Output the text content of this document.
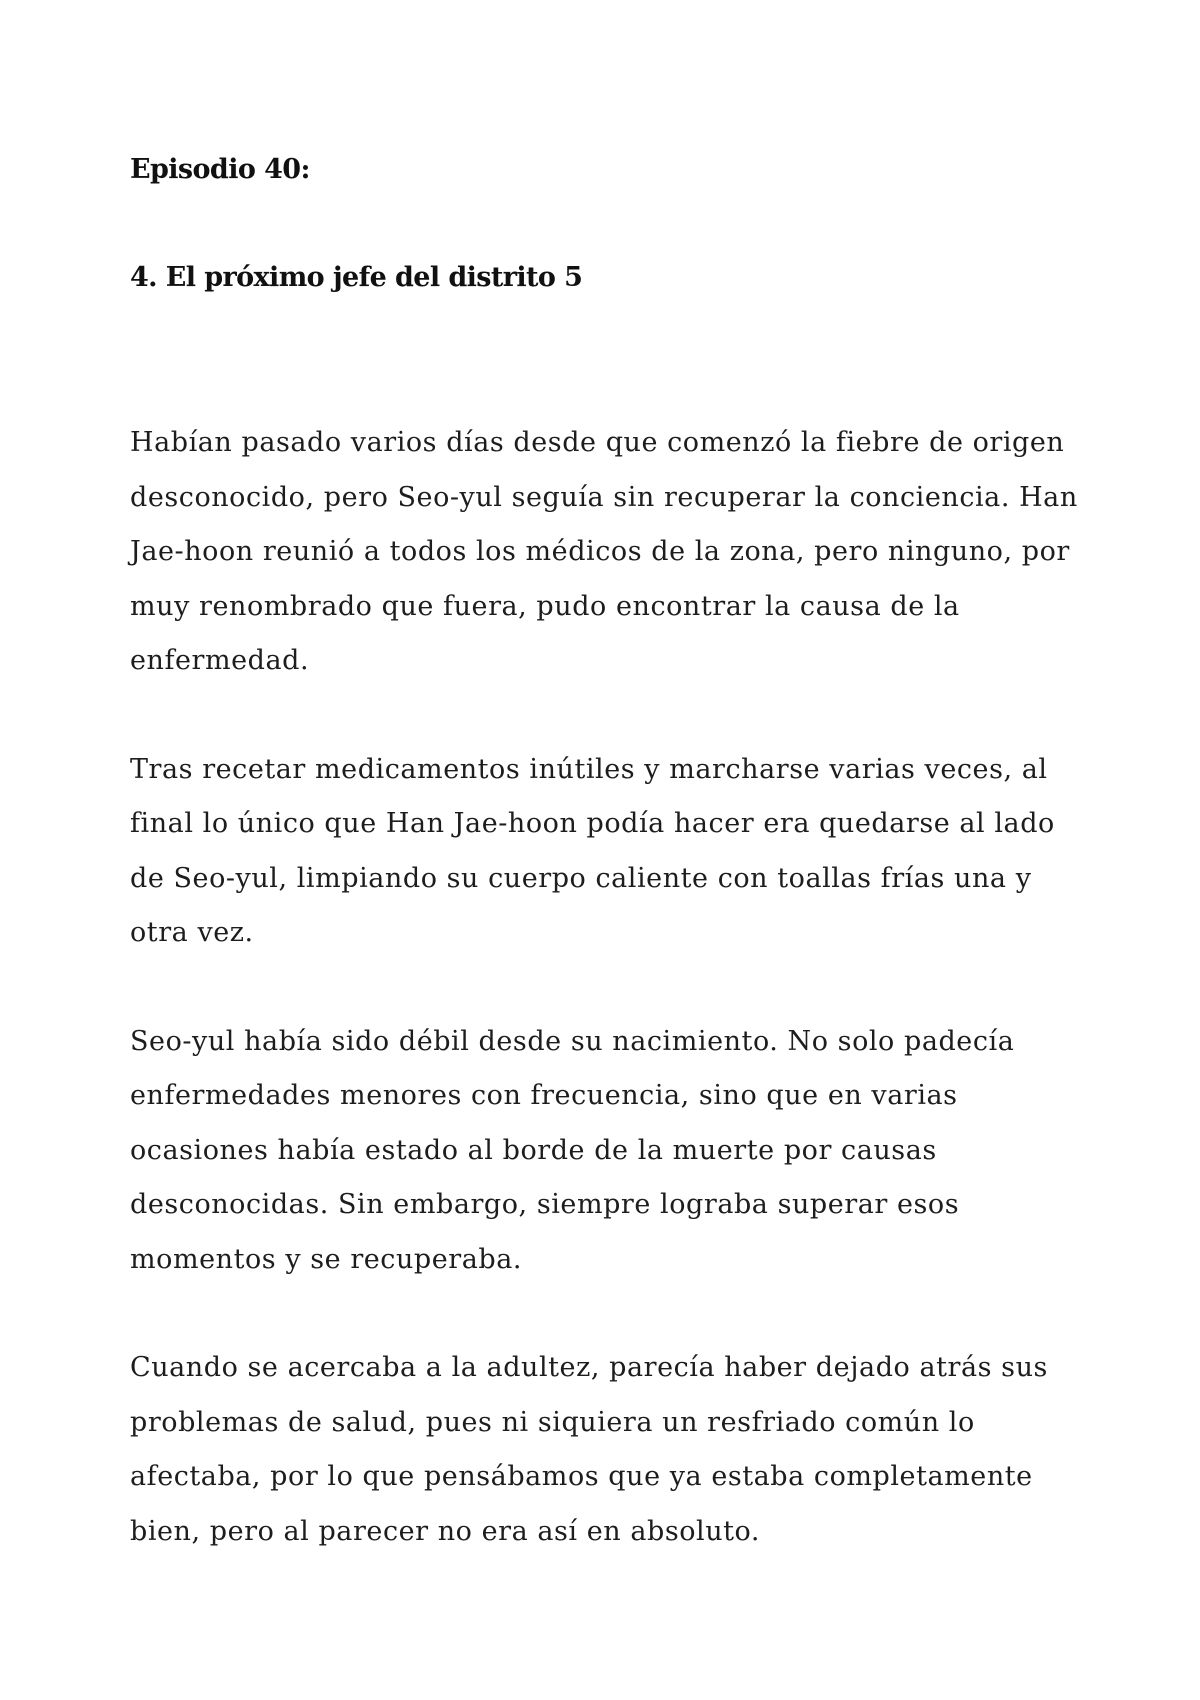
Episodio 40:
4. El próximo jefe del distrito 5

Habían pasado varios días desde que comenzó la fiebre de origen desconocido, pero Seo-yul seguía sin recuperar la conciencia. Han Jae-hoon reunió a todos los médicos de la zona, pero ninguno, por muy renombrado que fuera, pudo encontrar la causa de la enfermedad.

Tras recetar medicamentos inútiles y marcharse varias veces, al final lo único que Han Jae-hoon podía hacer era quedarse al lado de Seo-yul, limpiando su cuerpo caliente con toallas frías una y otra vez.

Seo-yul había sido débil desde su nacimiento. No solo padecía enfermedades menores con frecuencia, sino que en varias ocasiones había estado al borde de la muerte por causas desconocidas. Sin embargo, siempre lograba superar esos momentos y se recuperaba.

Cuando se acercaba a la adultez, parecía haber dejado atrás sus problemas de salud, pues ni siquiera un resfriado común lo afectaba, por lo que pensábamos que ya estaba completamente bien, pero al parecer no era así en absoluto.
